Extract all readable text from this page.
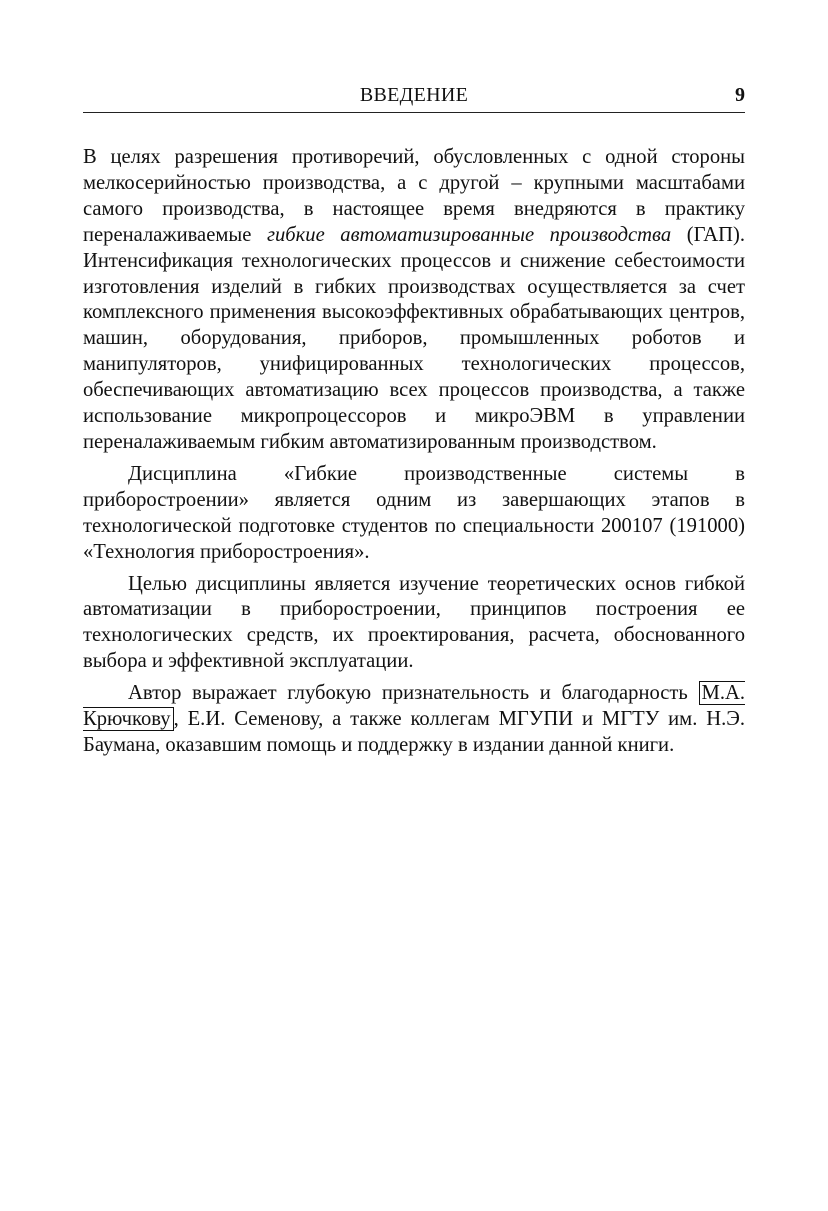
ВВЕДЕНИЕ	9

В целях разрешения противоречий, обусловленных с одной стороны мелкосерийностью производства, а с другой – крупными масштабами самого производства, в настоящее время внедряются в практику переналаживаемые гибкие автоматизированные производства (ГАП). Интенсификация технологических процессов и снижение себестоимости изготовления изделий в гибких производствах осуществляется за счет комплексного применения высокоэффективных обрабатывающих центров, машин, оборудования, приборов, промышленных роботов и манипуляторов, унифицированных технологических процессов, обеспечивающих автоматизацию всех процессов производства, а также использование микропроцессоров и микроЭВМ в управлении переналаживаемым гибким автоматизированным производством.

Дисциплина «Гибкие производственные системы в приборостроении» является одним из завершающих этапов в технологической подготовке студентов по специальности 200107 (191000) «Технология приборостроения».

Целью дисциплины является изучение теоретических основ гибкой автоматизации в приборостроении, принципов построения ее технологических средств, их проектирования, расчета, обоснованного выбора и эффективной эксплуатации.

Автор выражает глубокую признательность и благодарность М.А. Крючкову , Е.И. Семенову, а также коллегам МГУПИ и МГТУ им. Н.Э. Баумана, оказавшим помощь и поддержку в издании данной книги.
